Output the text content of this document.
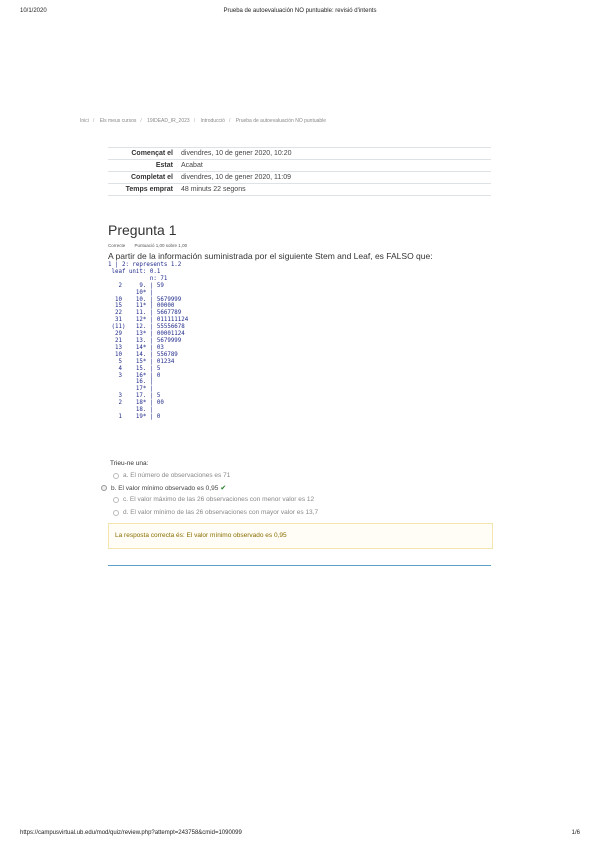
10/1/2020	Prueba de autoevaluación NO puntuable: revisió d'intents
Inici / Els meus cursos / 19IDEAD_IR_2023 / Introducció / Prueba de autoevaluación NO puntuable
Començat el	divendres, 10 de gener 2020, 10:20
Estat	Acabat
Completat el	divendres, 10 de gener 2020, 11:09
Temps emprat	48 minuts 22 segons
Pregunta 1
Correcte Puntuació 1,00 sobre 1,00
A partir de la información suministrada por el siguiente Stem and Leaf, es FALSO que:
1 | 2: represents 1.2
leaf unit: 0.1
n: 71
2     9. | 59
10* |
10    10. | 5679999
15    11* | 00000
22    11. | 5667789
31    12* | 011111124
(11)   12. | 55556678
29    13* | 00001124
21    13. | 5679999
13    14* | 03
10    14. | 556789
5    15* | 01234
4    15. | 5
3    16* | 0
16. |
17* |
3    17. | 5
2    18* | 00
18. |
1    19* | 0
Trieu-ne una:
a. El número de observaciones es 71
b. El valor mínimo observado es 0,95 ✔
c. El valor máximo de las 26 observaciones con menor valor es 12
d. El valor mínimo de las 26 observaciones con mayor valor es 13,7
La resposta correcta és: El valor mínimo observado es 0,95
https://campusvirtual.ub.edu/mod/quiz/review.php?attempt=243758&cmid=1090099	1/6
